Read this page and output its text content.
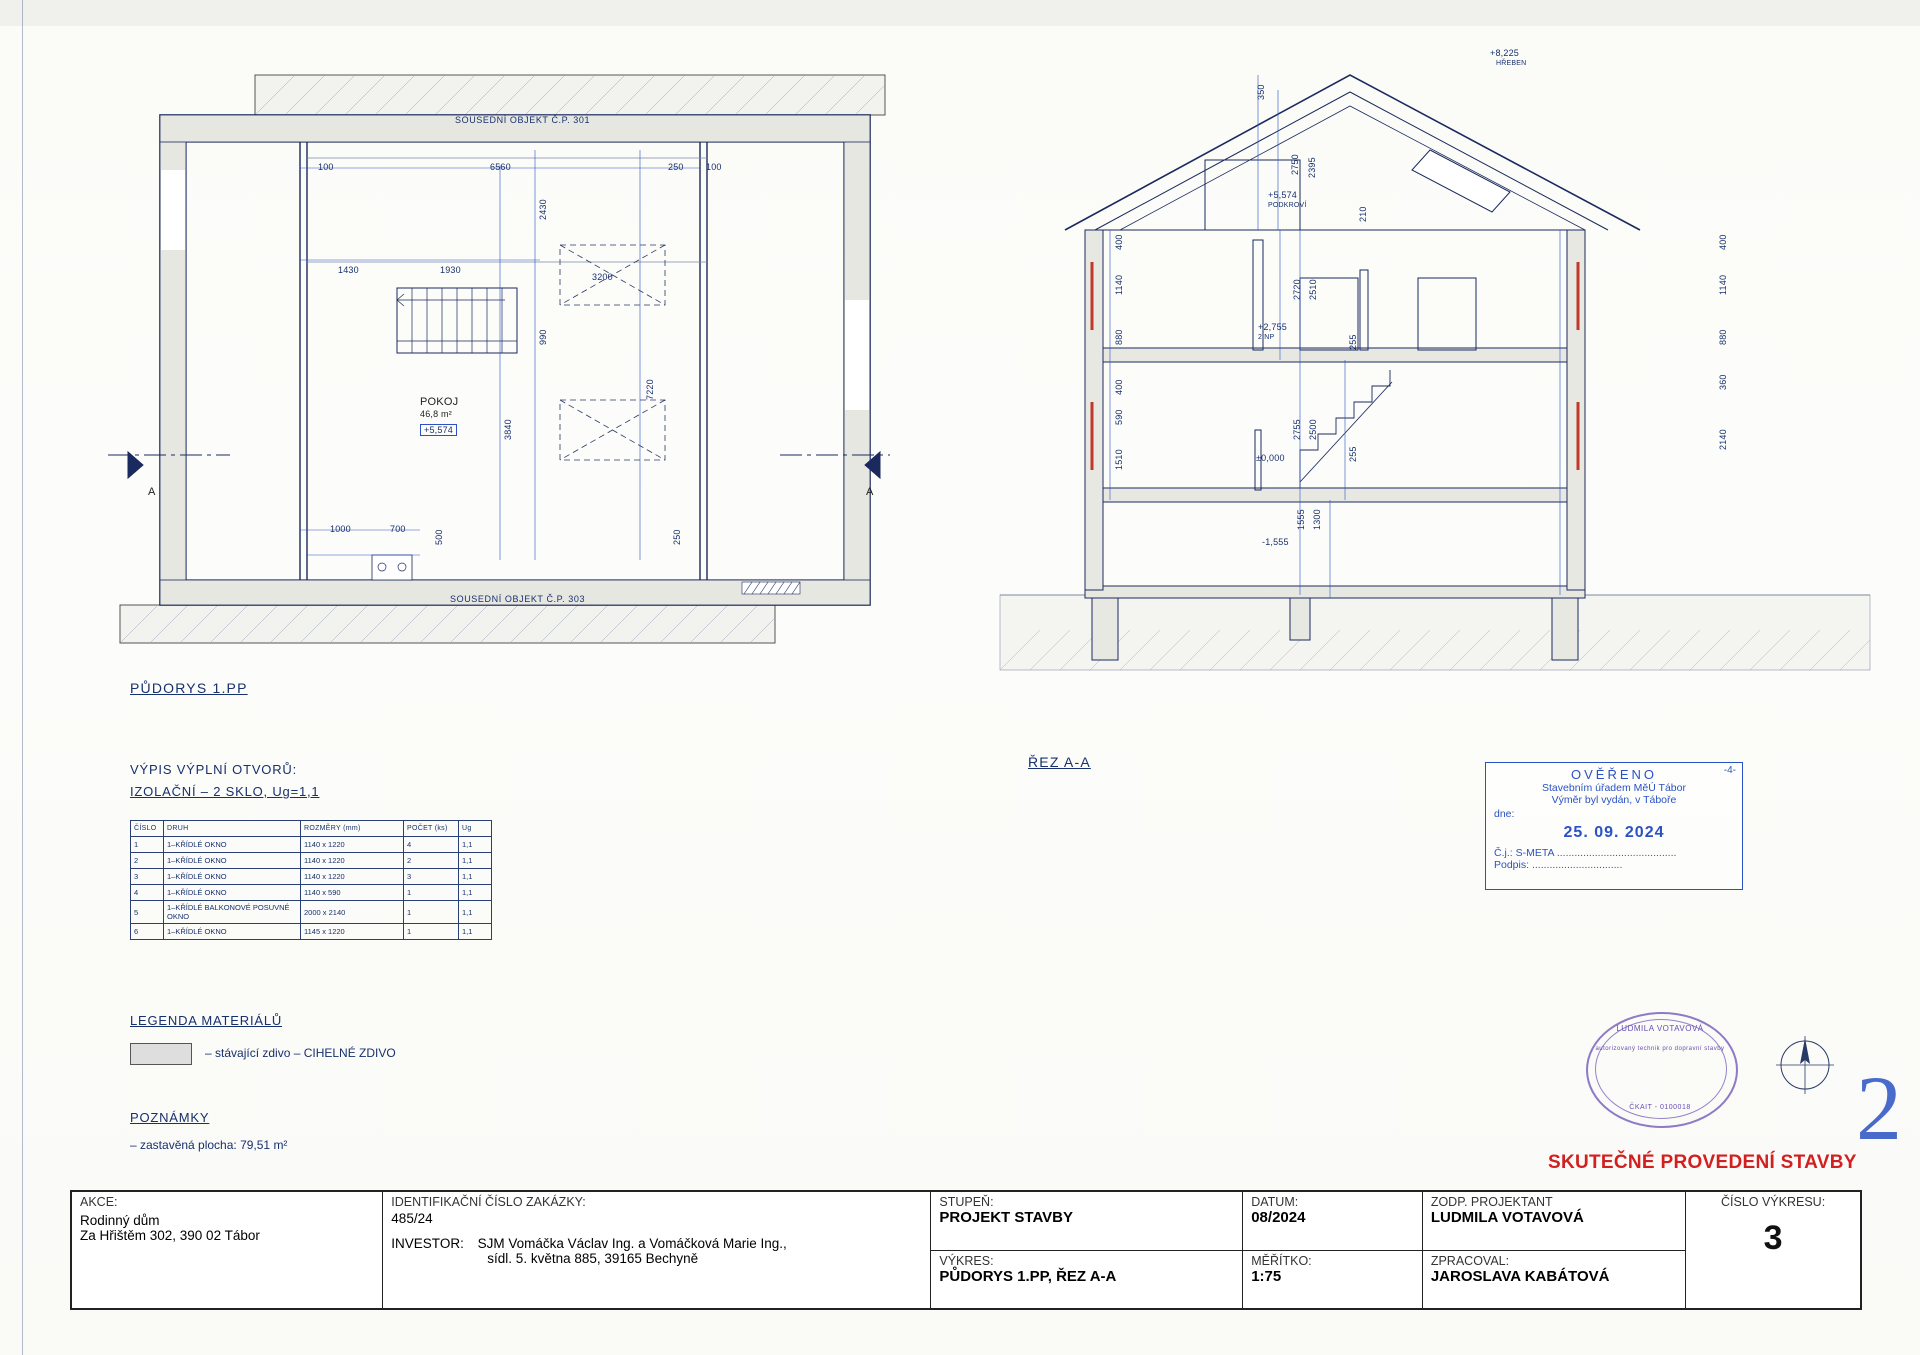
100	6560	250 100
2430
1430	1930
990
3200
7220
3840
1000	700
500	250
SOUSEDNÍ OBJEKT Č.P. 301
SOUSEDNÍ OBJEKT Č.P. 303
POKOJ
46,8 m²
+5,574
A	A
PŮDORYS 1.PP
+8,225
HŘEBEN
+5,574
PODKROVÍ
+2,755
2.NP
±0,000
-1,555
350
2750 2395
210
400
1140
880
400
590
1510
2720 2510
255
2755 2500
255
1555 1300
400
1140
880
360
2140
ŘEZ A-A
VÝPIS VÝPLNÍ OTVORŮ:
IZOLAČNÍ – 2 SKLO, Ug=1,1
ČÍSLO	DRUH	ROZMĚRY (mm)	POČET (ks)	Ug
1	1–KŘÍDLÉ OKNO	1140 x 1220	4	1,1
2	1–KŘÍDLÉ OKNO	1140 x 1220	2	1,1
3	1–KŘÍDLÉ OKNO	1140 x 1220	3	1,1
4	1–KŘÍDLÉ OKNO	1140 x 590	1	1,1
5	1–KŘÍDLÉ BALKONOVÉ POSUVNÉ OKNO	2000 x 2140	1	1,1
6	1–KŘÍDLÉ OKNO	1145 x 1220	1	1,1
LEGENDA MATERIÁLŮ
– stávající zdivo – CIHELNÉ ZDIVO
POZNÁMKY
– zastavěná plocha: 79,51 m²
-4-
OVĚŘENO
Stavebním úřadem MěÚ Tábor
Výměr byl vydán, v Táboře
dne:
25. 09. 2024
Č.j.: S-META .........................................
Podpis: ...............................
LUDMILA VOTAVOVÁ
autorizovaný technik pro dopravní stavby
ČKAIT - 0100018	2
SKUTEČNÉ PROVEDENÍ STAVBY
AKCE:
Rodinný dům
Za Hřištěm 302, 390 02 Tábor

IDENTIFIKAČNÍ ČÍSLO ZAKÁZKY:
485/24
INVESTOR: SJM Vomáčka Václav Ing. a Vomáčková Marie Ing.,
sídl. 5. května 885, 39165 Bechyně

STUPEŇ:
PROJEKT STAVBY

DATUM:
08/2024

ZODP. PROJEKTANT
LUDMILA VOTAVOVÁ

ČÍSLO VÝKRESU:
3

VÝKRES:
PŮDORYS 1.PP, ŘEZ A-A

MĚŘÍTKO:
1:75

ZPRACOVAL:
JAROSLAVA KABÁTOVÁ
